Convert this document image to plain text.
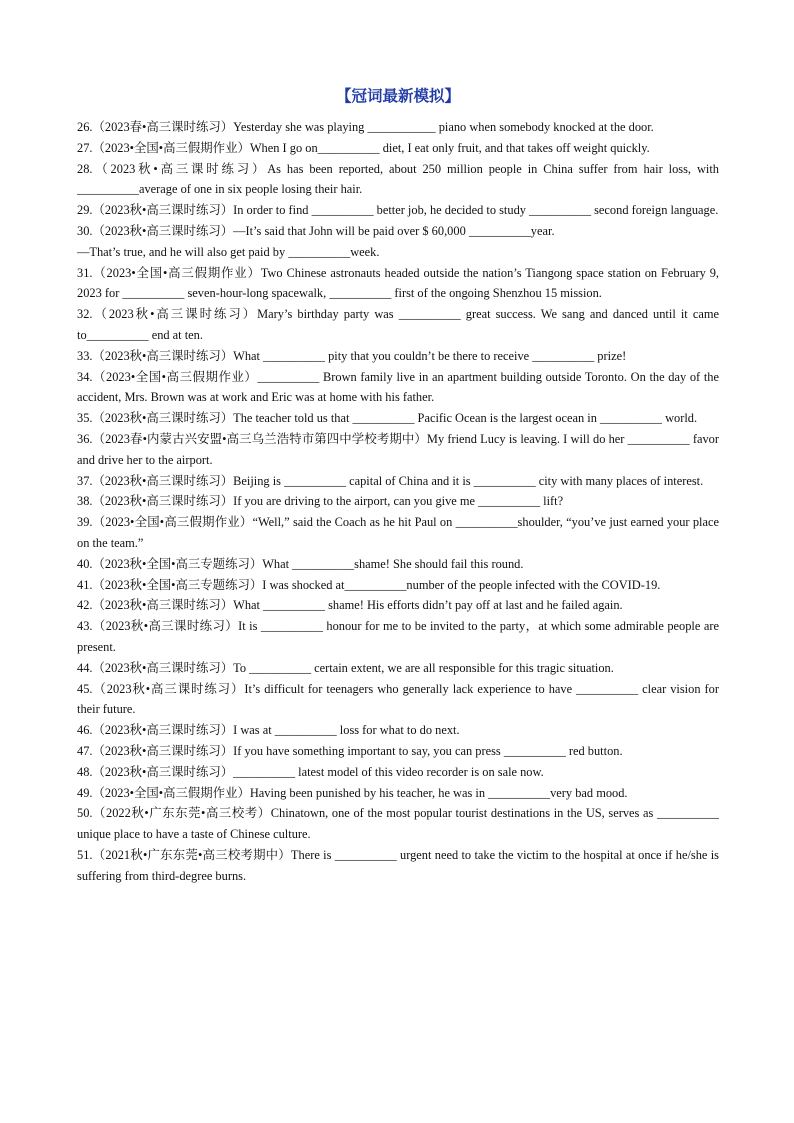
【冠词最新模拟】

26.（2023春•高三课时练习）Yesterday she was playing ___________ piano when somebody knocked at the door.

27.（2023•全国•高三假期作业）When I go on__________ diet, I eat only fruit, and that takes off weight quickly.

28.（2023秋•高三课时练习）As has been reported, about 250 million people in China suffer from hair loss, with __________average of one in six people losing their hair.

29.（2023秋•高三课时练习）In order to find __________ better job, he decided to study __________ second foreign language.

30.（2023秋•高三课时练习）—It’s said that John will be paid over $ 60,000 __________year.

—That’s true, and he will also get paid by __________week.

31.（2023•全国•高三假期作业）Two Chinese astronauts headed outside the nation’s Tiangong space station on February 9, 2023 for __________ seven-hour-long spacewalk, __________ first of the ongoing Shenzhou 15 mission.

32.（2023秋•高三课时练习）Mary’s birthday party was __________ great success. We sang and danced until it came to__________ end at ten.

33.（2023秋•高三课时练习）What __________ pity that you couldn’t be there to receive __________ prize!

34.（2023•全国•高三假期作业）__________ Brown family live in an apartment building outside Toronto. On the day of the accident, Mrs. Brown was at work and Eric was at home with his father.

35.（2023秋•高三课时练习）The teacher told us that __________ Pacific Ocean is the largest ocean in __________ world.

36.（2023春•内蒙古兴安盟•高三乌兰浩特市第四中学校考期中）My friend Lucy is leaving. I will do her __________ favor and drive her to the airport.

37.（2023秋•高三课时练习）Beijing is __________ capital of China and it is __________ city with many places of interest.

38.（2023秋•高三课时练习）If you are driving to the airport, can you give me __________ lift?

39.（2023•全国•高三假期作业）“Well,” said the Coach as he hit Paul on __________shoulder, “you’ve just earned your place on the team.”

40.（2023秋•全国•高三专题练习）What __________shame! She should fail this round.

41.（2023秋•全国•高三专题练习）I was shocked at__________number of the people infected with the COVID-19.

42.（2023秋•高三课时练习）What __________ shame! His efforts didn’t pay off at last and he failed again.

43.（2023秋•高三课时练习）It is __________ honour for me to be invited to the party，at which some admirable people are present.

44.（2023秋•高三课时练习）To __________ certain extent, we are all responsible for this tragic situation.

45.（2023秋•高三课时练习）It’s difficult for teenagers who generally lack experience to have __________ clear vision for their future.

46.（2023秋•高三课时练习）I was at __________ loss for what to do next.

47.（2023秋•高三课时练习）If you have something important to say, you can press __________ red button.

48.（2023秋•高三课时练习）__________ latest model of this video recorder is on sale now.

49.（2023•全国•高三假期作业）Having been punished by his teacher, he was in __________very bad mood.

50.（2022秋•广东东莞•高三校考）Chinatown, one of the most popular tourist destinations in the US, serves as __________ unique place to have a taste of Chinese culture.

51.（2021秋•广东东莞•高三校考期中）There is __________ urgent need to take the victim to the hospital at once if he/she is suffering from third-degree burns.
